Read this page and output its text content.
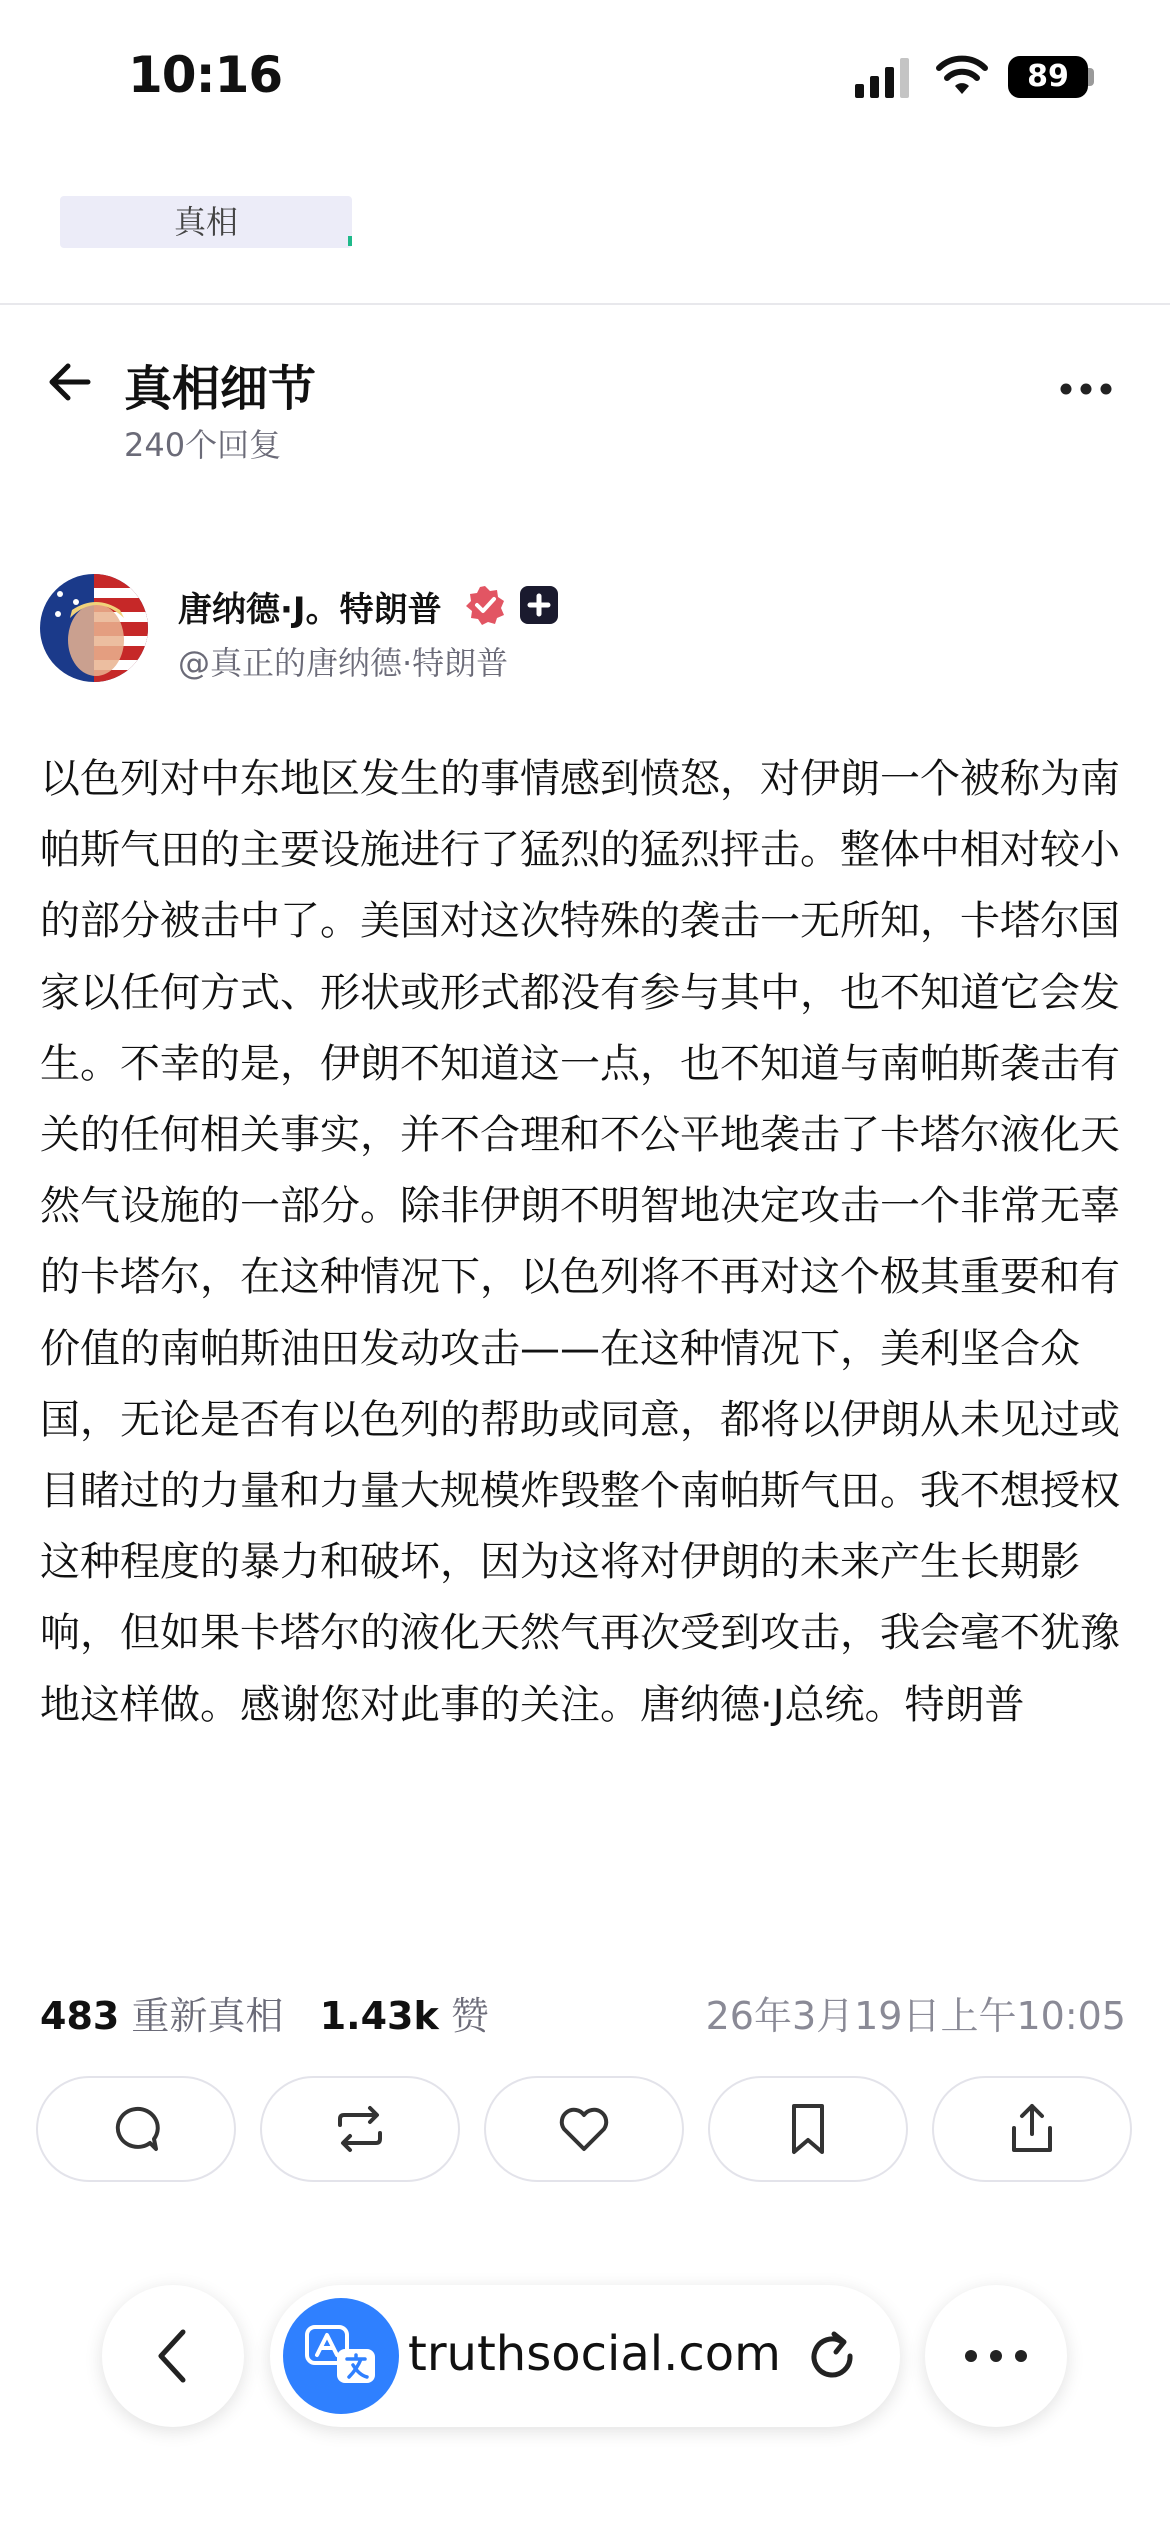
10:16	89
真相
真相细节
240个回复
唐纳德·J。特朗普
@真正的唐纳德·特朗普
以色列对中东地区发生的事情感到愤怒，对伊朗一个被称为南帕斯气田的主要设施进行了猛烈的猛烈抨击。整体中相对较小的部分被击中了。美国对这次特殊的袭击一无所知，卡塔尔国家以任何方式、形状或形式都没有参与其中，也不知道它会发生。不幸的是，伊朗不知道这一点，也不知道与南帕斯袭击有关的任何相关事实，并不合理和不公平地袭击了卡塔尔液化天然气设施的一部分。除非伊朗不明智地决定攻击一个非常无辜的卡塔尔，在这种情况下，以色列将不再对这个极其重要和有价值的南帕斯油田发动攻击——在这种情况下，美利坚合众国，无论是否有以色列的帮助或同意，都将以伊朗从未见过或目睹过的力量和力量大规模炸毁整个南帕斯气田。我不想授权这种程度的暴力和破坏，因为这将对伊朗的未来产生长期影响，但如果卡塔尔的液化天然气再次受到攻击，我会毫不犹豫地这样做。感谢您对此事的关注。唐纳德·J总统。特朗普
483 重新真相 1.43k 赞	26年3月19日上午10:05
truthsocial.com
